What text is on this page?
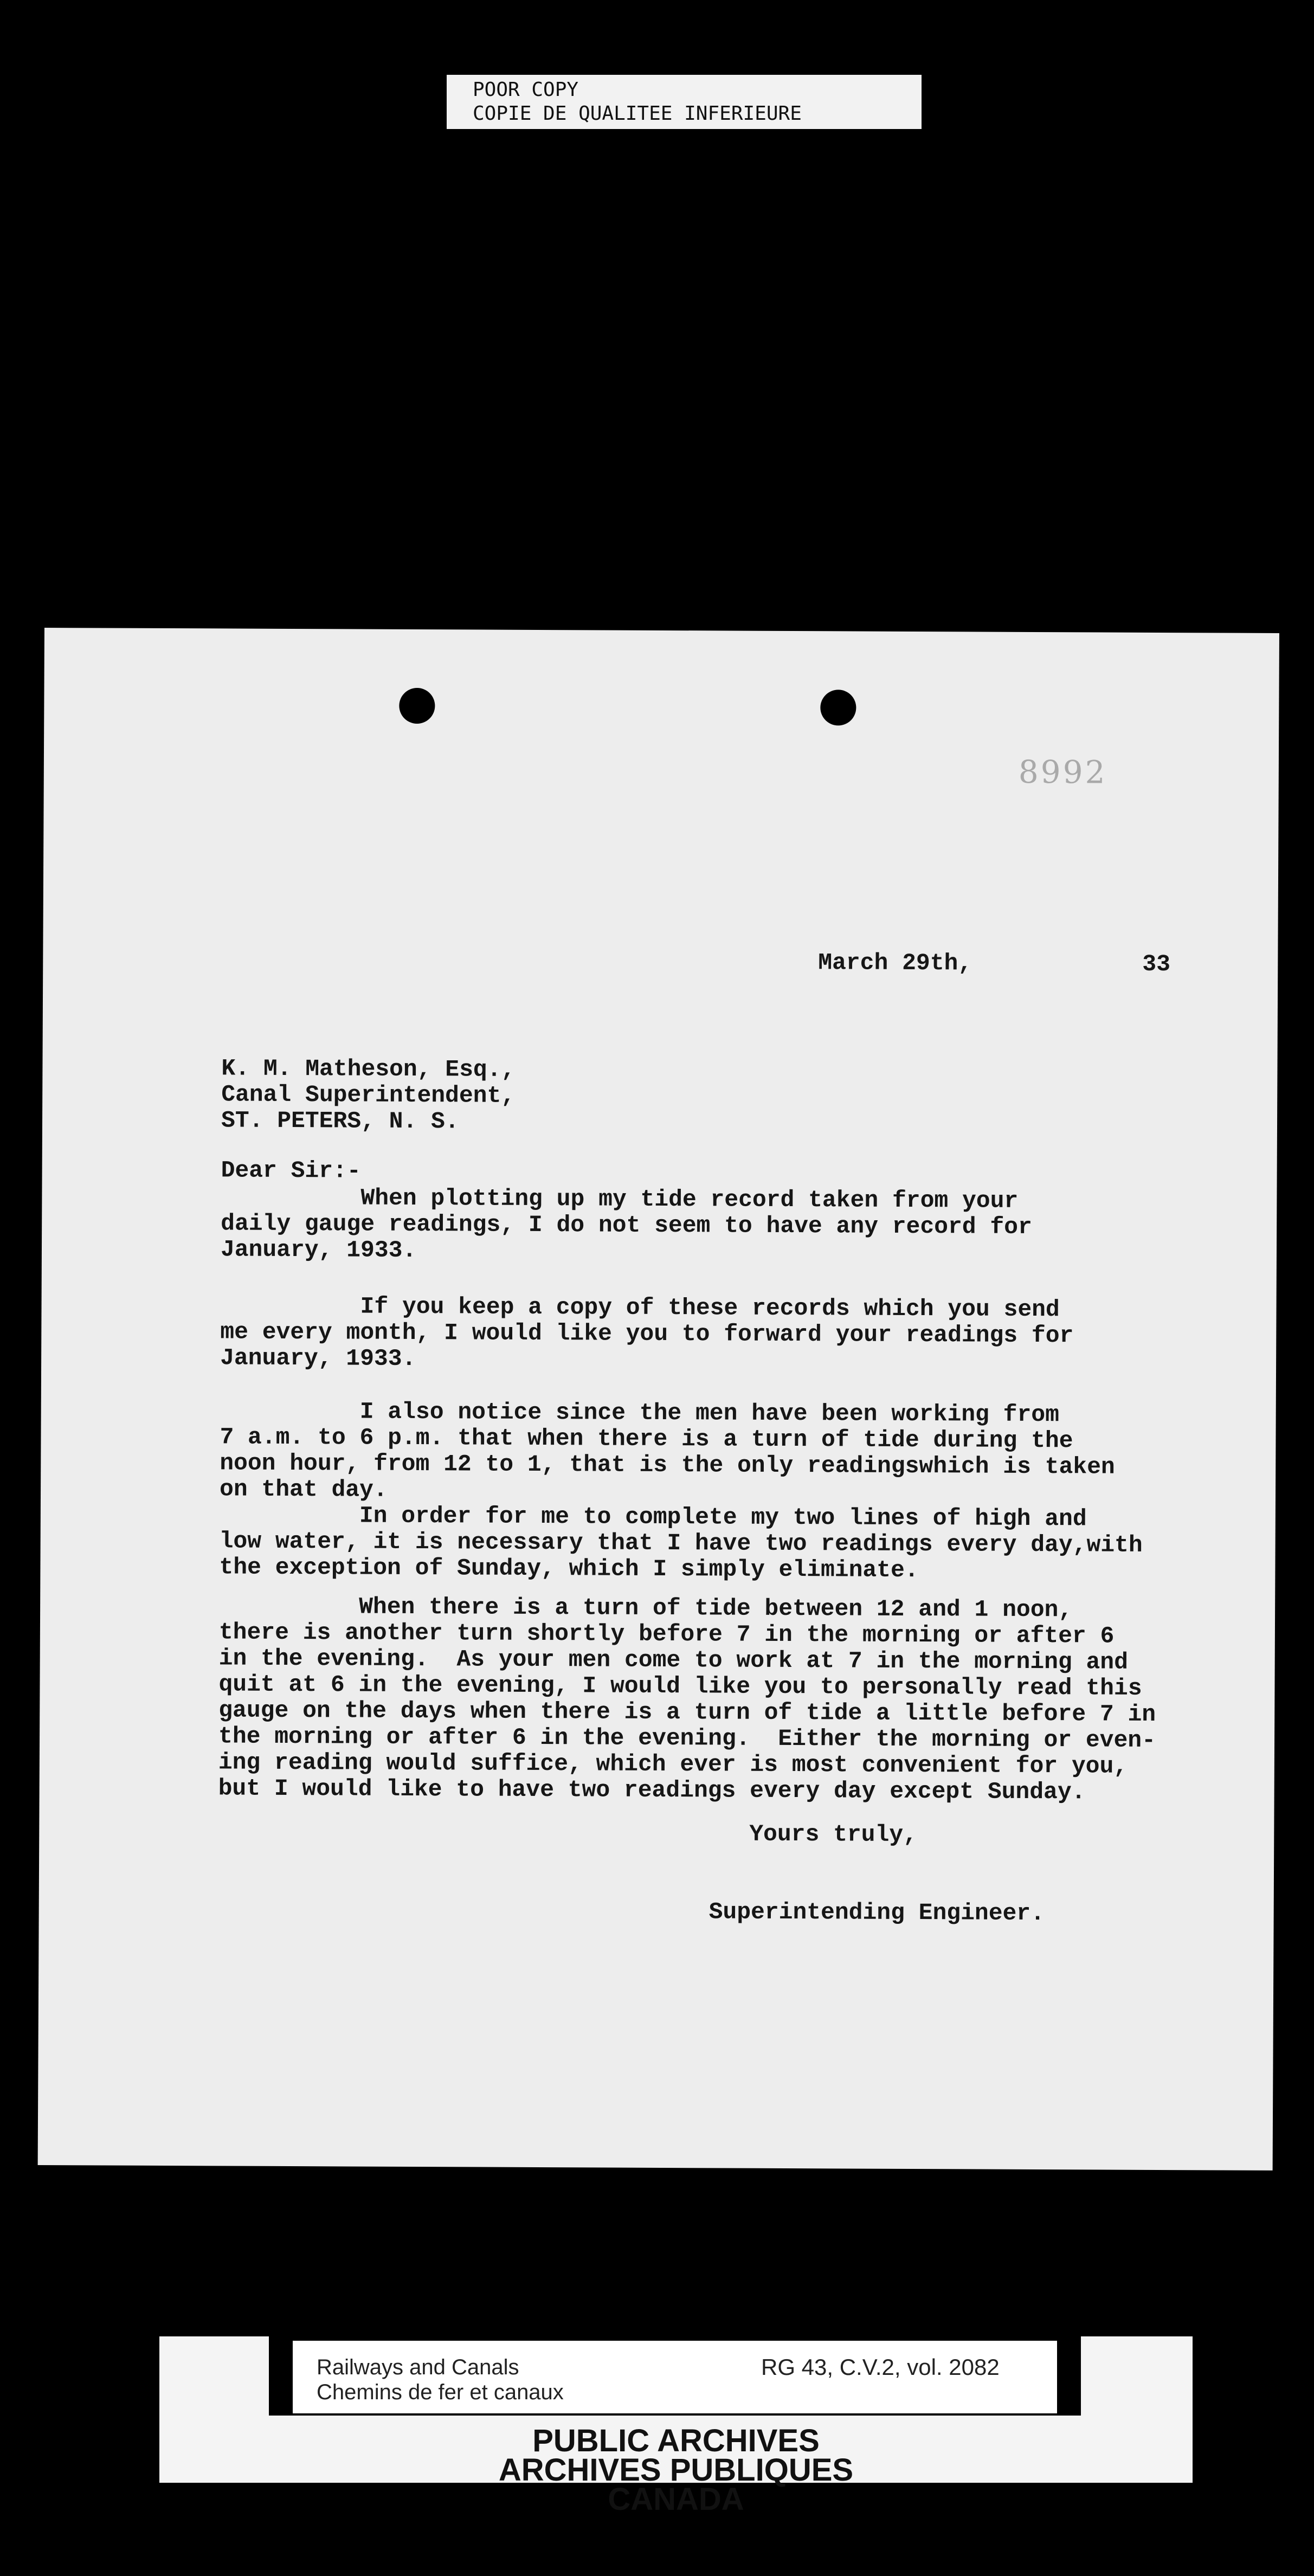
POOR COPY
COPIE DE QUALITEE INFERIEURE
8992
March 29th,	33
K. M. Matheson, Esq.,
Canal Superintendent,
ST. PETERS, N. S.
Dear Sir:-
When plotting up my tide record taken from your
daily gauge readings, I do not seem to have any record for
January, 1933.
If you keep a copy of these records which you send
me every month, I would like you to forward your readings for
January, 1933.
I also notice since the men have been working from
7 a.m. to 6 p.m. that when there is a turn of tide during the
noon hour, from 12 to 1, that is the only readingswhich is taken
on that day.
In order for me to complete my two lines of high and
low water, it is necessary that I have two readings every day,with
the exception of Sunday, which I simply eliminate.
When there is a turn of tide between 12 and 1 noon,
there is another turn shortly before 7 in the morning or after 6
in the evening.  As your men come to work at 7 in the morning and
quit at 6 in the evening, I would like you to personally read this
gauge on the days when there is a turn of tide a little before 7 in
the morning or after 6 in the evening.  Either the morning or even-
ing reading would suffice, which ever is most convenient for you,
but I would like to have two readings every day except Sunday.
Yours truly,
Superintending Engineer.
Railways and Canals
Chemins de fer et canaux
RG 43, C.V.2, vol. 2082
PUBLIC ARCHIVES
ARCHIVES PUBLIQUES
CANADA
